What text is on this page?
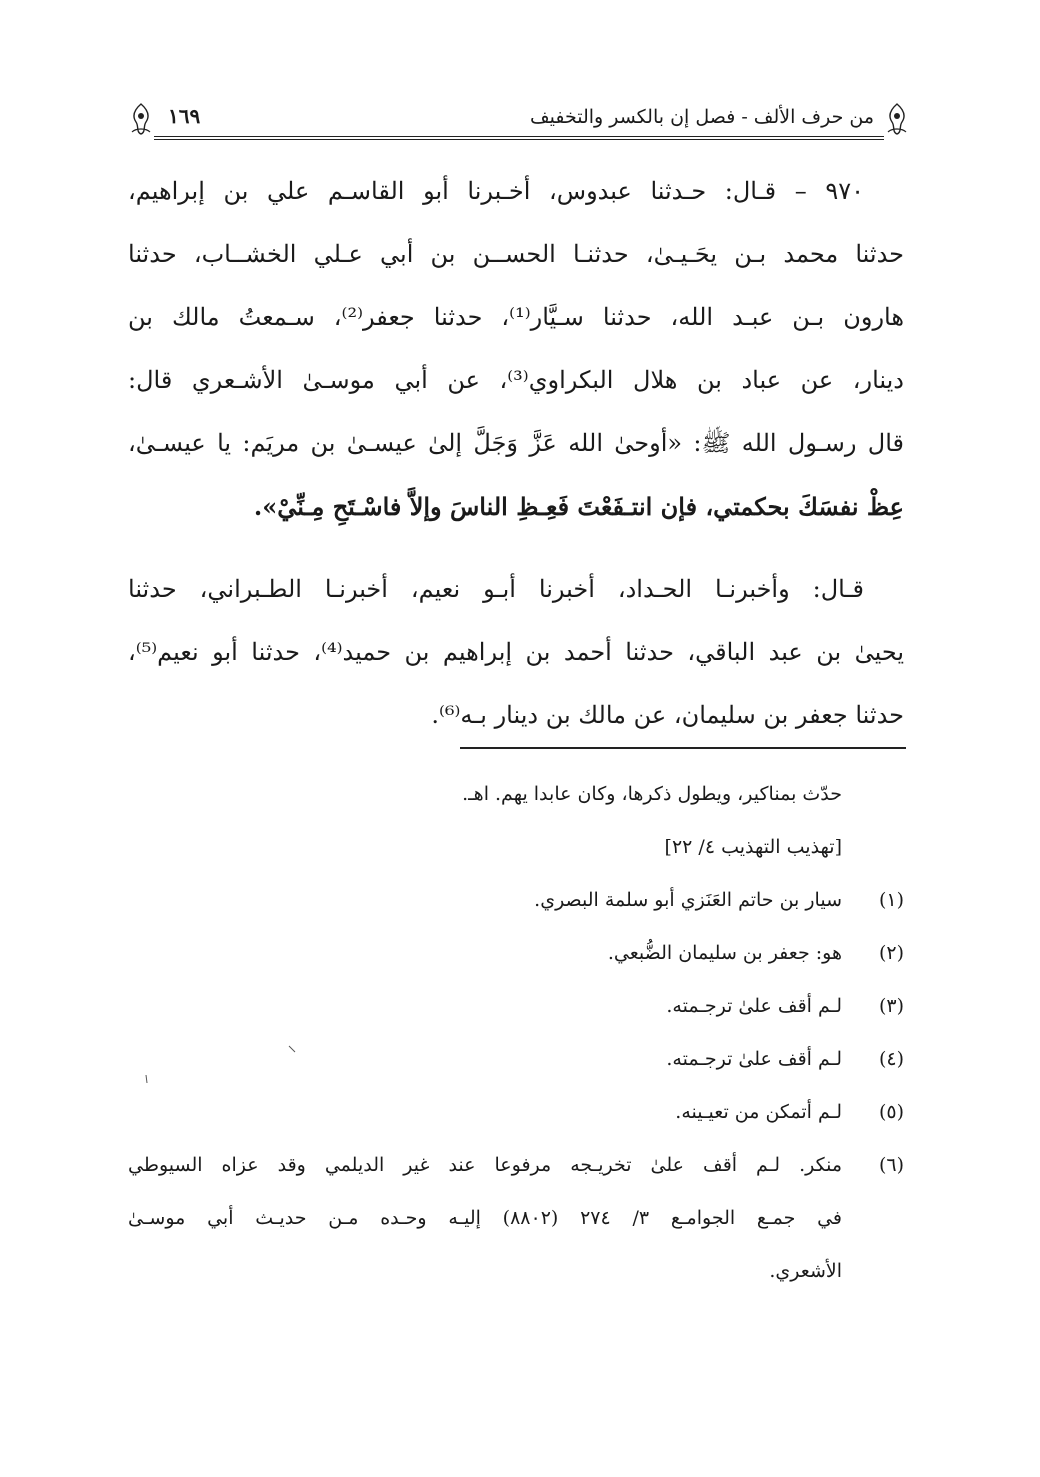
من حرف الألف - فصل إن بالكسر والتخفيف
١٦٩
٩٧٠ – قـال: حـدثنا عبدوس، أخـبرنا أبو القاسـم علي بن إبراهيم،
حدثنا محمد بـن يحَـيـىٰ، حدثنـا الحســن بن أبي عـلي الخشــاب، حدثنا
هارون بـن عبـد الله، حدثنا سـيَّار⁽¹⁾، حدثنا جعفر⁽²⁾، سـمعتُ مالك بن
دينار، عن عباد بن هلال البكراوي⁽³⁾، عن أبي موسـىٰ الأشـعري قال:
قال رسـول الله ﷺ: «أوحىٰ الله عَزَّ وَجَلَّ إلىٰ عيسـىٰ بن مريَم: يا عيسـىٰ،
عِظْ نفسَكَ بحكمتي، فإن انتـفَعْتَ فَعِـظِ الناسَ وإلاَّ فاسْـتَحِ مِـنِّيْ».
قـال: وأخبرنـا الحـداد، أخبرنا أبـو نعيم، أخبرنـا الطـبراني، حدثنا
يحيىٰ بن عبد الباقي، حدثنا أحمد بن إبراهيم بن حميد⁽⁴⁾، حدثنا أبو نعيم⁽⁵⁾،
حدثنا جعفر بن سليمان، عن مالك بن دينار بـه⁽⁶⁾.
حدّث بمناكير، ويطول ذكرها، وكان عابدا يهم. اهـ.
[تهذيب التهذيب ٤/ ٢٢]
(١)
سيار بن حاتم العَنَزي أبو سلمة البصري.
(٢)
هو: جعفر بن سليمان الضُّبعي.
(٣)
لـم أقف علىٰ ترجـمته.
(٤)
لـم أقف علىٰ ترجـمته.
(٥)
لـم أتمكن من تعيـينه.
(٦)
منكر. لـم أقف علىٰ تخريـجه مرفوعا عند غير الديلمي وقد عزاه السيوطي
في جمـع الجوامـع ٣/ ٢٧٤ (٨٨٠٢) إليـه وحـده مـن حديـث أبي موسـىٰ
الأشعري.
